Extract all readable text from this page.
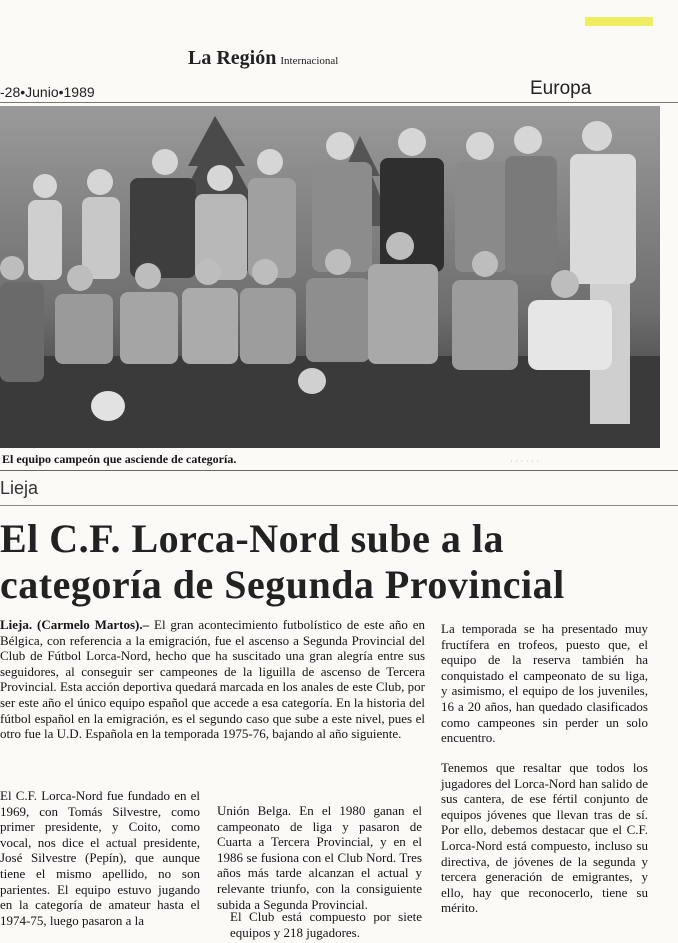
La Región Internacional
-28•Junio•1989	Europa
El equipo campeón que asciende de categoría.	· · · · · ·
Lieja
El C.F. Lorca-Nord sube a la
categoría de Segunda Provincial

Lieja. (Carmelo Martos).– El gran acontecimiento futbolístico de este año en Bélgica, con referencia a la emigración, fue el ascenso a Segunda Provincial del Club de Fútbol Lorca-Nord, hecho que ha suscitado una gran alegría entre sus seguidores, al conseguir ser campeones de la liguilla de ascenso de Tercera Provincial. Esta acción deportiva quedará marcada en los anales de este Club, por ser este año el único equipo español que accede a esa categoría. En la historia del fútbol español en la emigración, es el segundo caso que sube a este nivel, pues el otro fue la U.D. Española en la temporada 1975-76, bajando al año siguiente.

El C.F. Lorca-Nord fue fundado en el 1969, con Tomás Silvestre, como primer presidente, y Coito, como vocal, nos dice el actual presidente, José Silvestre (Pepín), que aunque tiene el mismo apellido, no son parientes. El equipo estuvo jugando en la categoría de amateur hasta el 1974-75, luego pasaron a la

Unión Belga. En el 1980 ganan el campeonato de liga y pasaron de Cuarta a Tercera Provincial, y en el 1986 se fusiona con el Club Nord. Tres años más tarde alcanzan el actual y relevante triunfo, con la consiguiente subida a Segunda Provincial.

El Club está compuesto por siete equipos y 218 jugadores.

La temporada se ha presentado muy fructífera en trofeos, puesto que, el equipo de la reserva también ha conquistado el campeonato de su liga, y asimismo, el equipo de los juveniles, 16 a 20 años, han quedado clasificados como campeones sin perder un solo encuentro.

Tenemos que resaltar que todos los jugadores del Lorca-Nord han salido de sus cantera, de ese fértil conjunto de equipos jóvenes que llevan tras de sí. Por ello, debemos destacar que el C.F. Lorca-Nord está compuesto, incluso su directiva, de jóvenes de la segunda y tercera generación de emigrantes, y ello, hay que reconocerlo, tiene su mérito.
